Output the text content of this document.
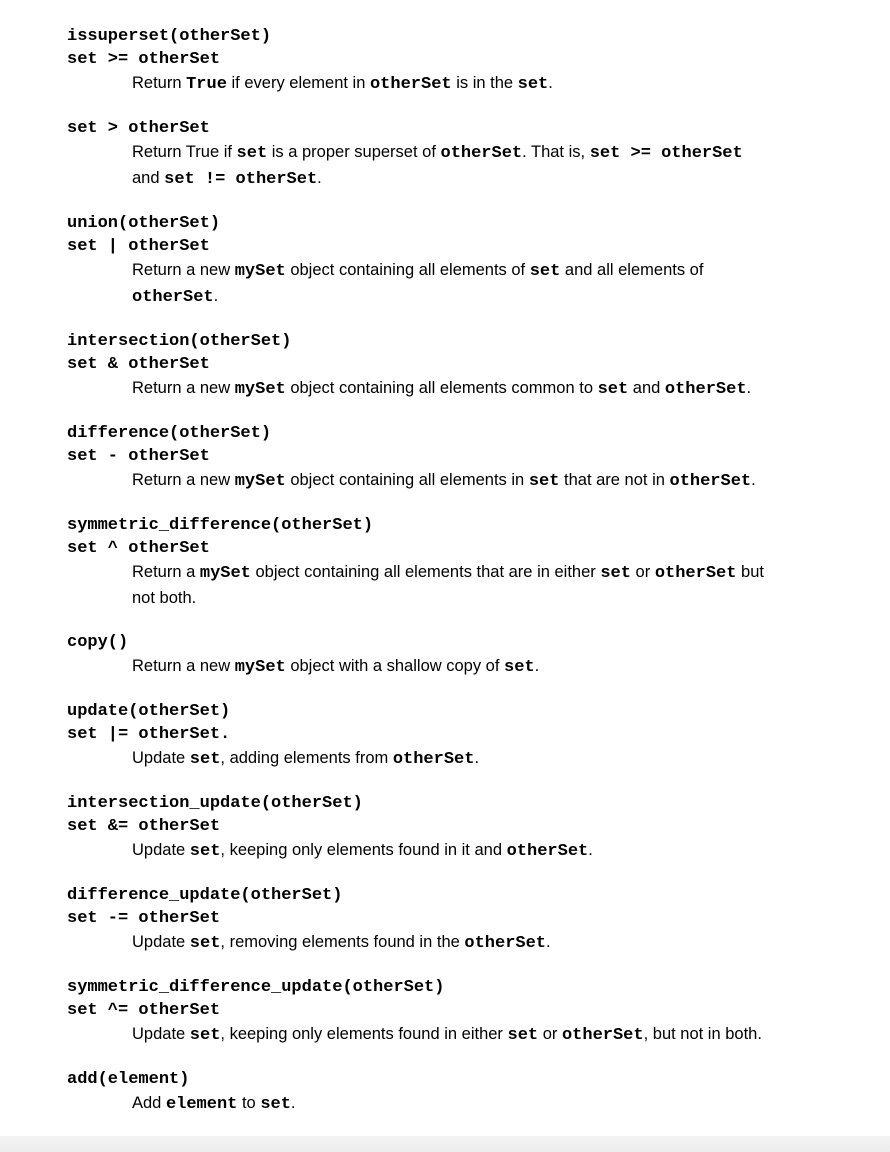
issuperset(otherSet)
set >= otherSet
Return True if every element in otherSet is in the set.
set > otherSet
Return True if set is a proper superset of otherSet. That is, set >= otherSet
and set != otherSet.
union(otherSet)
set | otherSet
Return a new mySet object containing all elements of set and all elements of
otherSet.
intersection(otherSet)
set & otherSet
Return a new mySet object containing all elements common to set and otherSet.
difference(otherSet)
set - otherSet
Return a new mySet object containing all elements in set that are not in otherSet.
symmetric_difference(otherSet)
set ^ otherSet
Return a mySet object containing all elements that are in either set or otherSet but
not both.
copy()
Return a new mySet object with a shallow copy of set.
update(otherSet)
set |= otherSet.
Update set, adding elements from otherSet.
intersection_update(otherSet)
set &= otherSet
Update set, keeping only elements found in it and otherSet.
difference_update(otherSet)
set -= otherSet
Update set, removing elements found in the otherSet.
symmetric_difference_update(otherSet)
set ^= otherSet
Update set, keeping only elements found in either set or otherSet, but not in both.
add(element)
Add element to set.
